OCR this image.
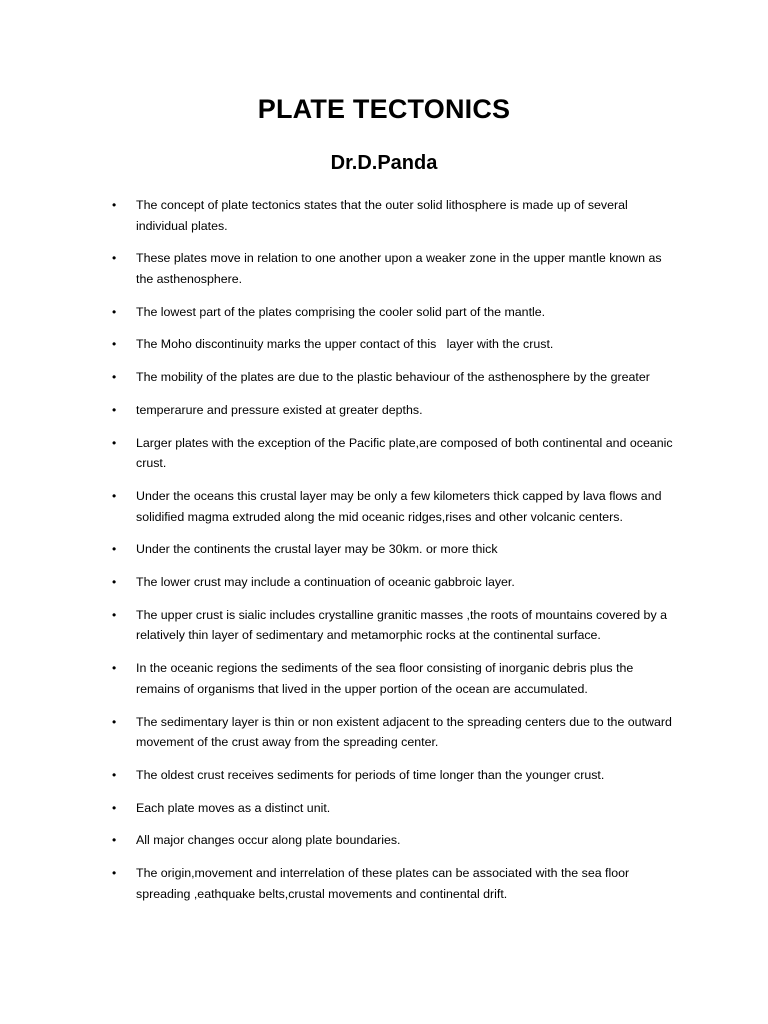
PLATE TECTONICS
Dr.D.Panda
• The concept of plate tectonics states that the outer solid lithosphere is made up of several individual plates.
• These plates move in relation to one another upon a weaker zone in the upper mantle known as the asthenosphere.
• The lowest part of the plates comprising the cooler solid part of the mantle.
• The Moho discontinuity marks the upper contact of this   layer with the crust.
• The mobility of the plates are due to the plastic behaviour of the asthenosphere by the greater
• temperarure and pressure existed at greater depths.
• Larger plates with the exception of the Pacific plate,are composed of both continental and oceanic crust.
• Under the oceans this crustal layer may be only a few kilometers thick capped by lava flows and solidified magma extruded along the mid oceanic ridges,rises and other volcanic centers.
• Under the continents the crustal layer may be 30km. or more thick
• The lower crust may include a continuation of oceanic gabbroic layer.
• The upper crust is sialic includes crystalline granitic masses ,the roots of mountains covered by a relatively thin layer of sedimentary and metamorphic rocks at the continental surface.
• In the oceanic regions the sediments of the sea floor consisting of inorganic debris plus the remains of organisms that lived in the upper portion of the ocean are accumulated.
• The sedimentary layer is thin or non existent adjacent to the spreading centers due to the outward movement of the crust away from the spreading center.
• The oldest crust receives sediments for periods of time longer than the younger crust.
• Each plate moves as a distinct unit.
• All major changes occur along plate boundaries.
• The origin,movement and interrelation of these plates can be associated with the sea floor spreading ,eathquake belts,crustal movements and continental drift.
